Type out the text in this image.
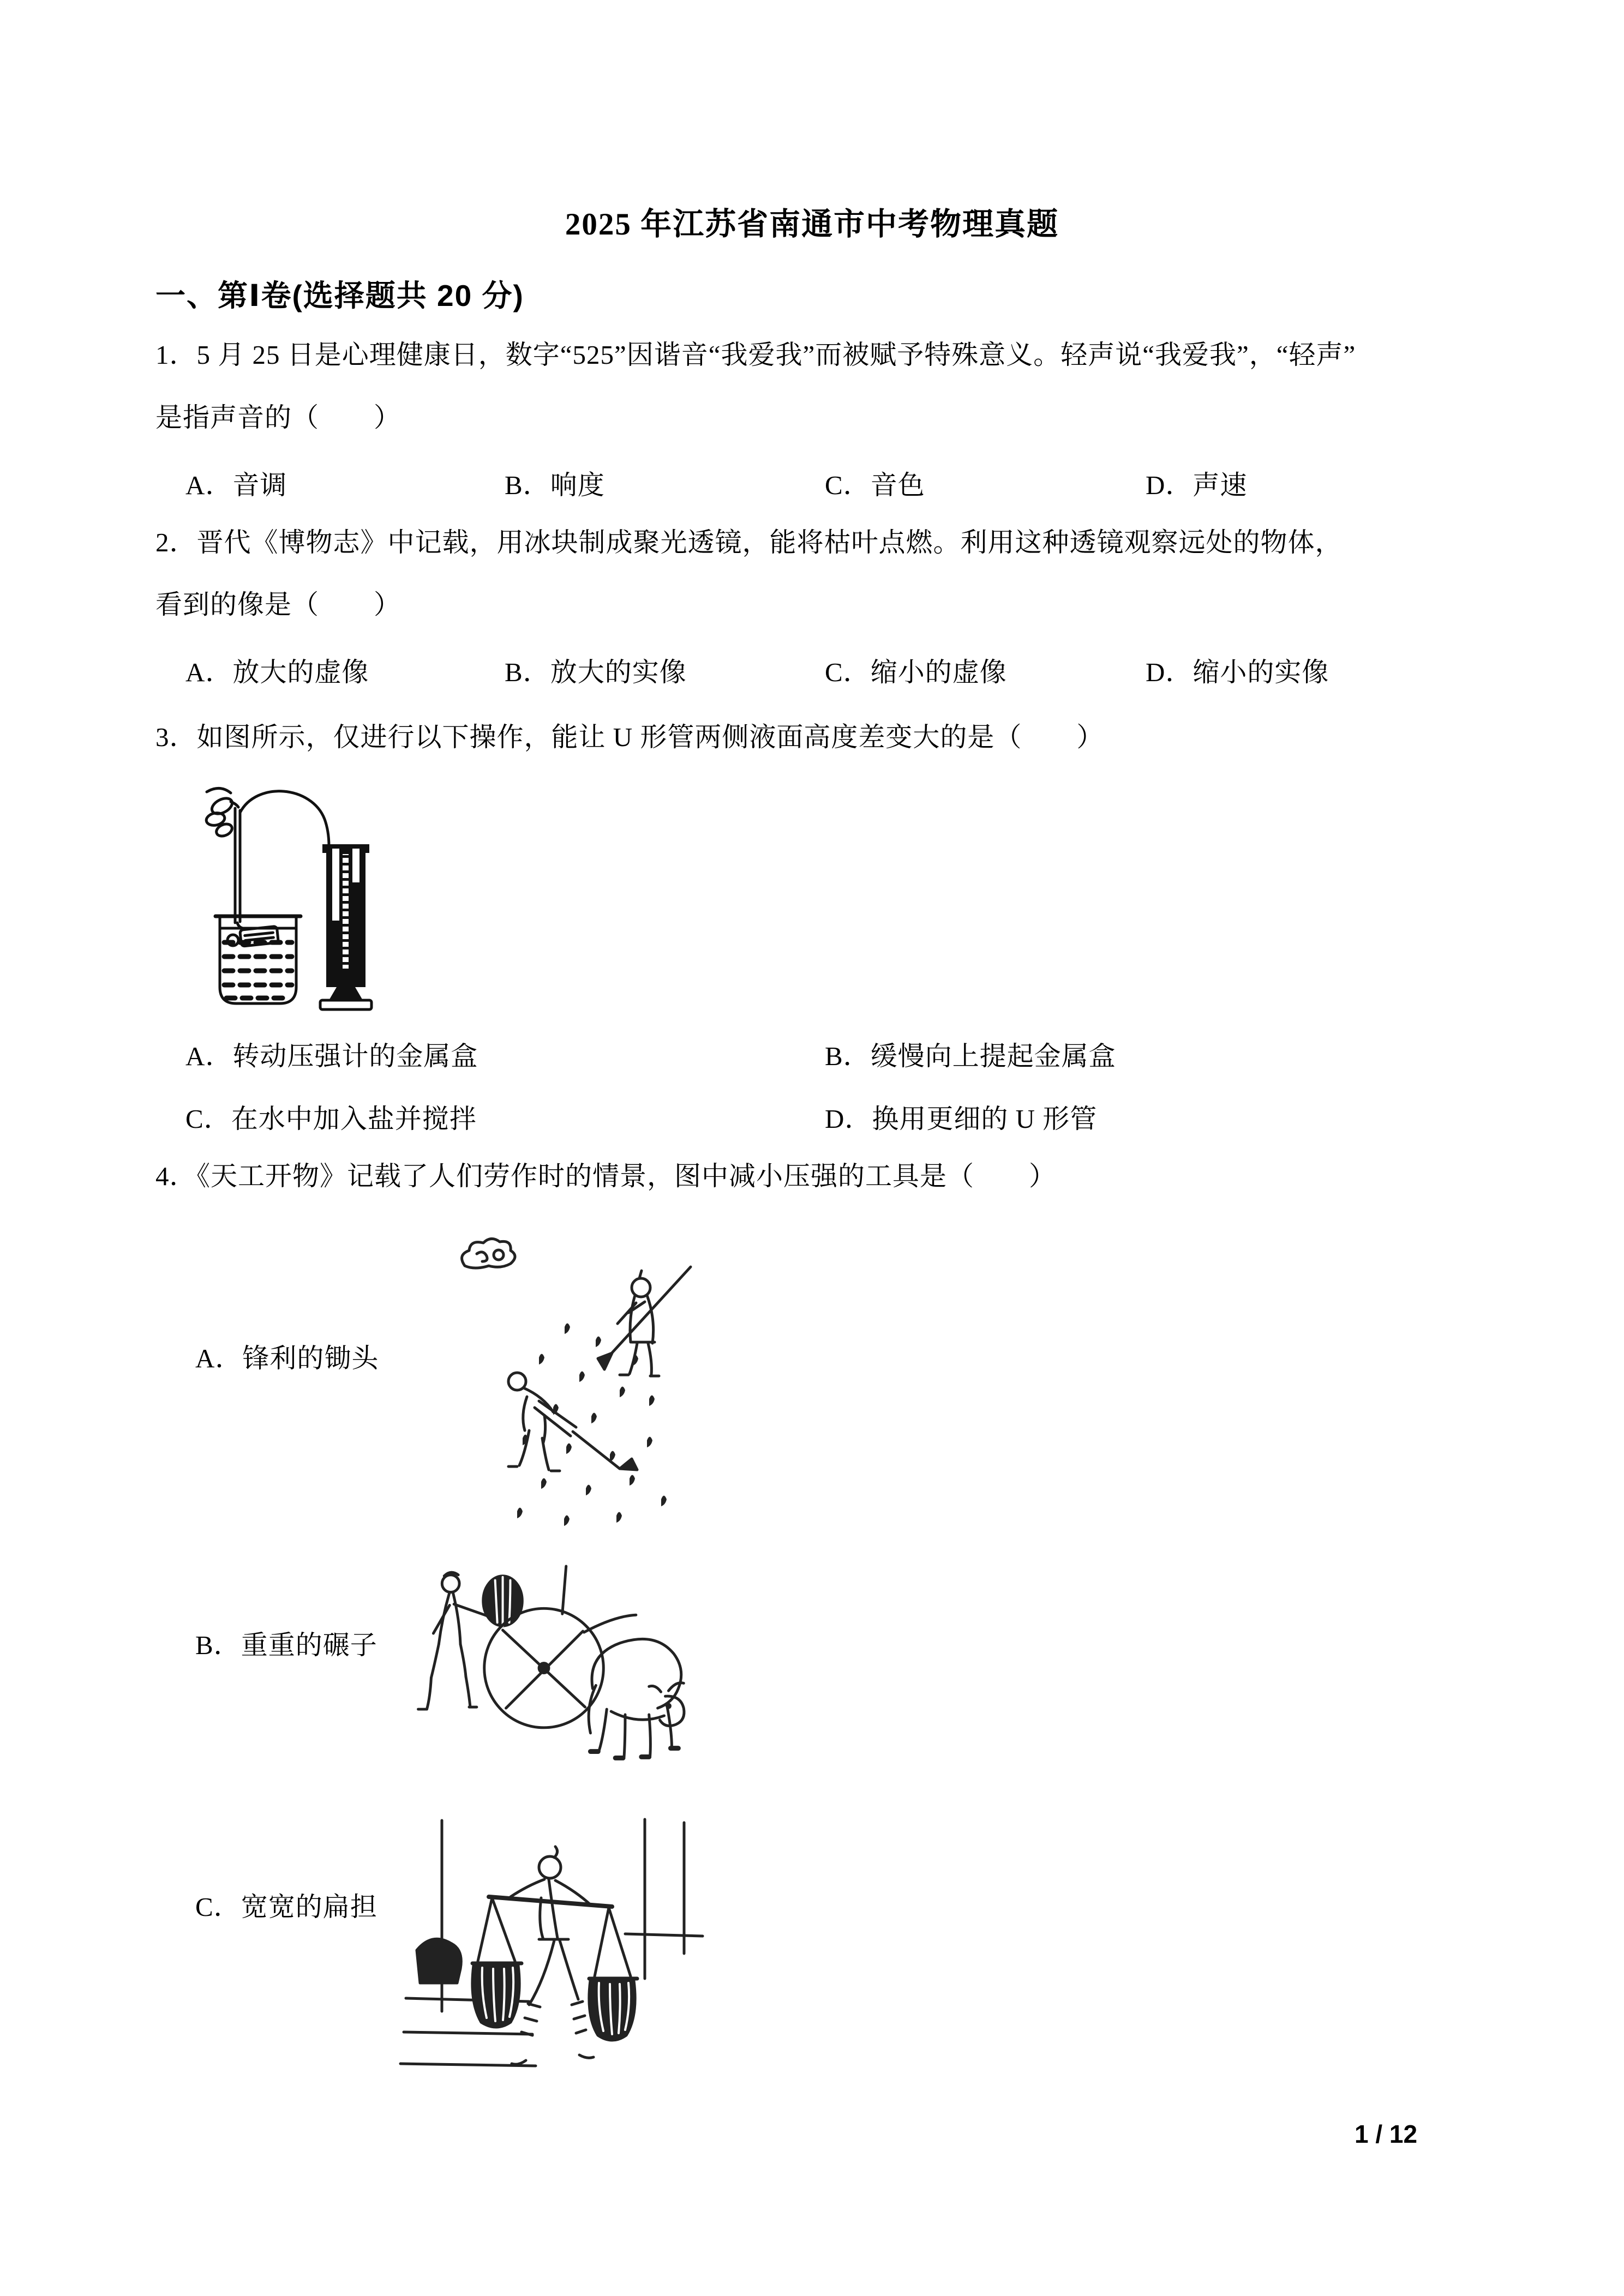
2025 年江苏省南通市中考物理真题
一、第Ⅰ卷(选择题共 20 分)
1．5 月 25 日是心理健康日，数字“525”因谐音“我爱我”而被赋予特殊意义。轻声说“我爱我”，“轻声”
是指声音的（　　）
A．音调	B．响度	C．音色	D．声速
2．晋代《博物志》中记载，用冰块制成聚光透镜，能将枯叶点燃。利用这种透镜观察远处的物体，
看到的像是（　　）
A．放大的虚像	B．放大的实像	C．缩小的虚像	D．缩小的实像
3．如图所示，仅进行以下操作，能让 U 形管两侧液面高度差变大的是（　　）
A．转动压强计的金属盒	B．缓慢向上提起金属盒
C．在水中加入盐并搅拌	D．换用更细的 U 形管
4．《天工开物》记载了人们劳作时的情景，图中减小压强的工具是（　　）
A．锋利的锄头
B．重重的碾子
C．宽宽的扁担
1 / 12
